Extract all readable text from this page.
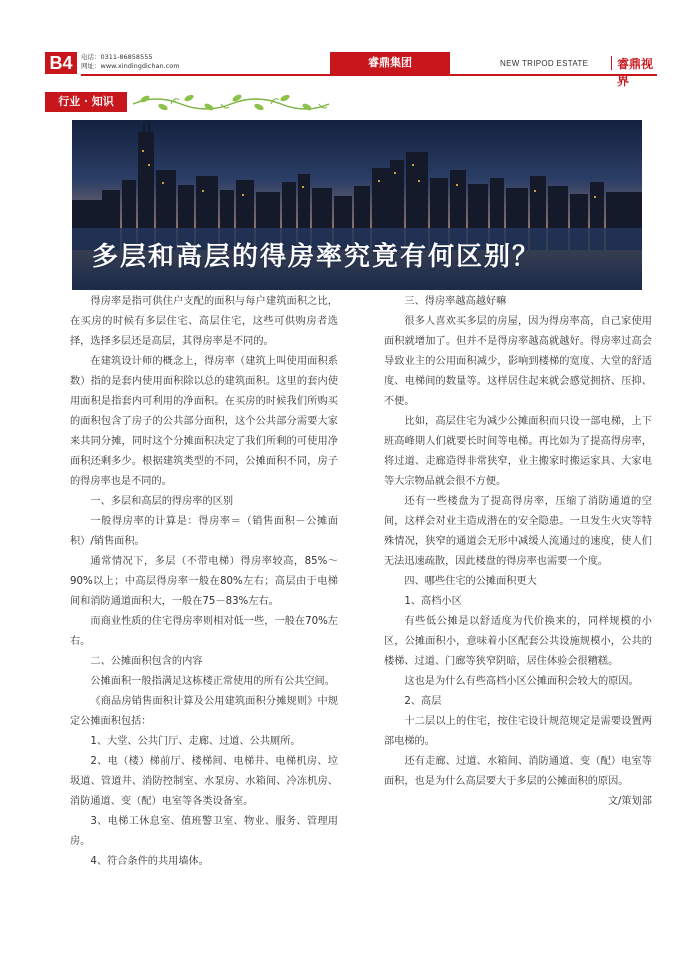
B4	电话：0311-86858555
网址：www.xindingdichan.com	睿鼎集团	NEW TRIPOD ESTATE 睿鼎视界
行业 · 知识
多层和高层的得房率究竟有何区别？

得房率是指可供住户支配的面积与每户建筑面积之比，在买房的时候有多层住宅、高层住宅，这些可供购房者选择，选择多层还是高层，其得房率是不同的。

在建筑设计师的概念上，得房率（建筑上叫使用面积系数）指的是套内使用面积除以总的建筑面积。这里的套内使用面积是指套内可利用的净面积。在买房的时候我们所购买的面积包含了房子的公共部分面积，这个公共部分需要大家来共同分摊，同时这个分摊面积决定了我们所剩的可使用净面积还剩多少。根据建筑类型的不同，公摊面积不同，房子的得房率也是不同的。

一、多层和高层的得房率的区别

一般得房率的计算是：得房率＝（销售面积－公摊面积）/销售面积。

通常情况下，多层（不带电梯）得房率较高，85%～90%以上；中高层得房率一般在80%左右；高层由于电梯间和消防通道面积大，一般在75－83%左右。

而商业性质的住宅得房率则相对低一些，一般在70%左右。

二、公摊面积包含的内容

公摊面积一般指满足这栋楼正常使用的所有公共空间。

《商品房销售面积计算及公用建筑面积分摊规则》中规定公摊面积包括：

1、大堂、公共门厅、走廊、过道、公共厕所。

2、电（楼）梯前厅、楼梯间、电梯井、电梯机房、垃圾道、管道井、消防控制室、水泵房、水箱间、冷冻机房、消防通道、变（配）电室等各类设备室。

3、电梯工休息室、值班警卫室、物业、服务、管理用房。

4、符合条件的共用墙体。

三、得房率越高越好嘛

很多人喜欢买多层的房屋，因为得房率高，自己家使用面积就增加了。但并不是得房率越高就越好。得房率过高会导致业主的公用面积减少，影响到楼梯的宽度、大堂的舒适度、电梯间的数量等。这样居住起来就会感觉拥挤、压抑、不便。

比如，高层住宅为减少公摊面积而只设一部电梯，上下班高峰期人们就要长时间等电梯。再比如为了提高得房率，将过道、走廊造得非常狭窄，业主搬家时搬运家具、大家电等大宗物品就会很不方便。

还有一些楼盘为了提高得房率，压缩了消防通道的空间，这样会对业主造成潜在的安全隐患。一旦发生火灾等特殊情况，狭窄的通道会无形中减缓人流通过的速度，使人们无法迅速疏散，因此楼盘的得房率也需要一个度。

四、哪些住宅的公摊面积更大

1、高档小区

有些低公摊是以舒适度为代价换来的，同样规模的小区，公摊面积小，意味着小区配套公共设施规模小，公共的楼梯、过道、门廊等狭窄阴暗，居住体验会很糟糕。

这也是为什么有些高档小区公摊面积会较大的原因。

2、高层

十二层以上的住宅，按住宅设计规范规定是需要设置两部电梯的。

还有走廊、过道、水箱间、消防通道、变（配）电室等面积，也是为什么高层要大于多层的公摊面积的原因。

文/策划部
